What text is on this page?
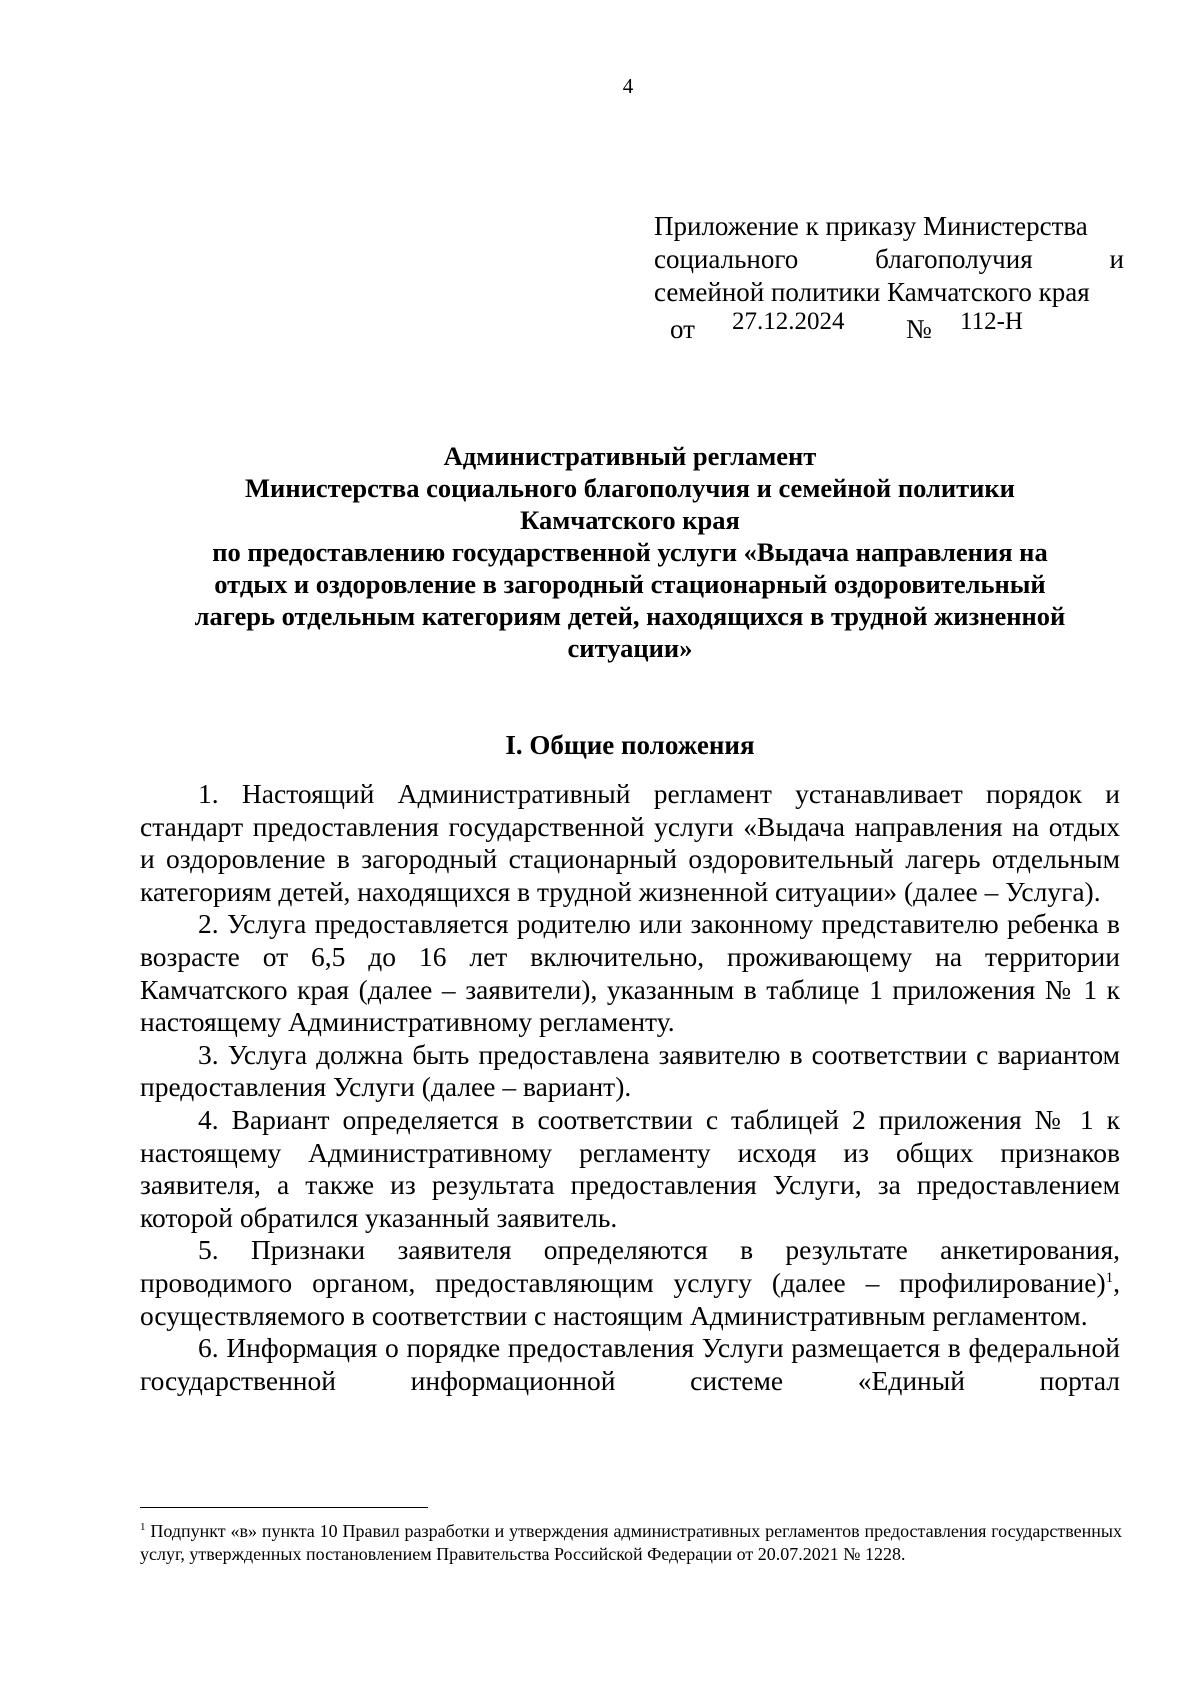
4
Приложение к приказу Министерства
социального	благополучия	и
семейной политики Камчатского края
от 27.12.2024 № 112-Н
Административный регламент
Министерства социального благополучия и семейной политики
Камчатского края
по предоставлению государственной услуги «Выдача направления на
отдых и оздоровление в загородный стационарный оздоровительный
лагерь отдельным категориям детей, находящихся в трудной жизненной
ситуации»
I. Общие положения

1. Настоящий Административный регламент устанавливает порядок и стандарт предоставления государственной услуги «Выдача направления на отдых и оздоровление в загородный стационарный оздоровительный лагерь отдельным категориям детей, находящихся в трудной жизненной ситуации» (далее – Услуга).

2. Услуга предоставляется родителю или законному представителю ребенка в возрасте от 6,5 до 16 лет включительно, проживающему на территории Камчатского края (далее – заявители), указанным в таблице 1 приложения № 1 к настоящему Административному регламенту.

3. Услуга должна быть предоставлена заявителю в соответствии с вариантом предоставления Услуги (далее – вариант).

4. Вариант определяется в соответствии с таблицей 2 приложения № 1 к настоящему Административному регламенту исходя из общих признаков заявителя, а также из результата предоставления Услуги, за предоставлением которой обратился указанный заявитель.

5. Признаки заявителя определяются в результате анкетирования, проводимого органом, предоставляющим услугу (далее – профилирование)$^1$, осуществляемого в соответствии с настоящим Административным регламентом.

6. Информация о порядке предоставления Услуги размещается в федеральной государственной информационной системе «Единый портал

$^1$ Подпункт «в» пункта 10 Правил разработки и утверждения административных регламентов предоставления государственных услуг, утвержденных постановлением Правительства Российской Федерации от 20.07.2021 № 1228.
